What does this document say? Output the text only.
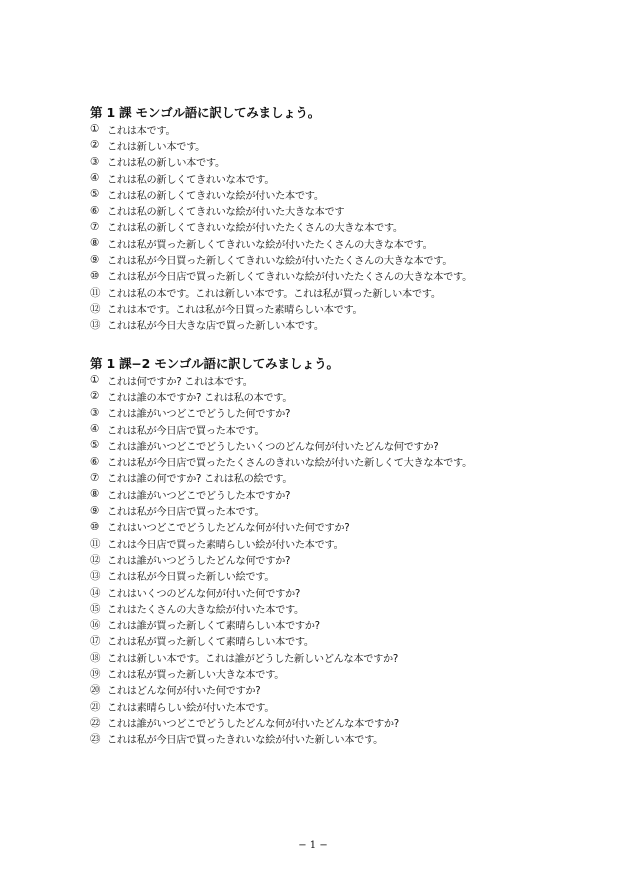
第 1 課 モンゴル語に訳してみましょう。
① これは本です。
② これは新しい本です。
③ これは私の新しい本です。
④ これは私の新しくてきれいな本です。
⑤ これは私の新しくてきれいな絵が付いた本です。
⑥ これは私の新しくてきれいな絵が付いた大きな本です
⑦ これは私の新しくてきれいな絵が付いたたくさんの大きな本です。
⑧ これは私が買った新しくてきれいな絵が付いたたくさんの大きな本です。
⑨ これは私が今日買った新しくてきれいな絵が付いたたくさんの大きな本です。
⑩ これは私が今日店で買った新しくてきれいな絵が付いたたくさんの大きな本です。
⑪ これは私の本です。これは新しい本です。これは私が買った新しい本です。
⑫ これは本です。これは私が今日買った素晴らしい本です。
⑬ これは私が今日大きな店で買った新しい本です。
第 1 課−2 モンゴル語に訳してみましょう。
① これは何ですか? これは本です。
② これは誰の本ですか? これは私の本です。
③ これは誰がいつどこでどうした何ですか?
④ これは私が今日店で買った本です。
⑤ これは誰がいつどこでどうしたいくつのどんな何が付いたどんな何ですか?
⑥ これは私が今日店で買ったたくさんのきれいな絵が付いた新しくて大きな本です。
⑦ これは誰の何ですか? これは私の絵です。
⑧ これは誰がいつどこでどうした本ですか?
⑨ これは私が今日店で買った本です。
⑩ これはいつどこでどうしたどんな何が付いた何ですか?
⑪ これは今日店で買った素晴らしい絵が付いた本です。
⑫ これは誰がいつどうしたどんな何ですか?
⑬ これは私が今日買った新しい絵です。
⑭ これはいくつのどんな何が付いた何ですか?
⑮ これはたくさんの大きな絵が付いた本です。
⑯ これは誰が買った新しくて素晴らしい本ですか?
⑰ これは私が買った新しくて素晴らしい本です。
⑱ これは新しい本です。これは誰がどうした新しいどんな本ですか?
⑲ これは私が買った新しい大きな本です。
⑳ これはどんな何が付いた何ですか?
㉑ これは素晴らしい絵が付いた本です。
㉒ これは誰がいつどこでどうしたどんな何が付いたどんな本ですか?
㉓ これは私が今日店で買ったきれいな絵が付いた新しい本です。
− 1 −
